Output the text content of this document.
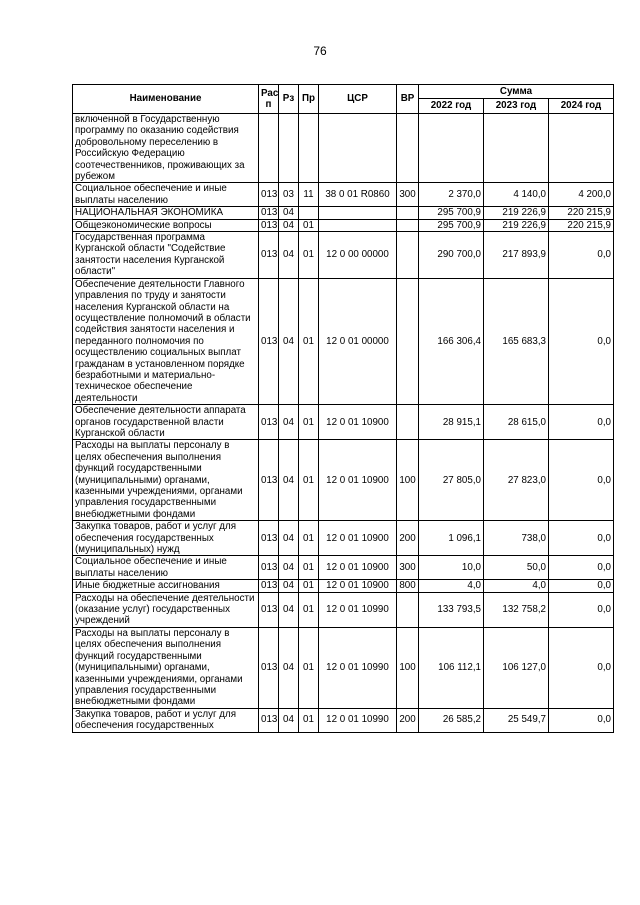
76
Наименование	Рас п	Рз	Пр	ЦСР	ВР	Сумма		
						2022 год	2023 год	2024 год
включенной в Государственную программу по оказанию содействия добровольному переселению в Российскую Федерацию соотечественников, проживающих за рубежом								
Социальное обеспечение и иные выплаты населению	013	03	11	38 0 01 R0860	300	2 370,0	4 140,0	4 200,0
НАЦИОНАЛЬНАЯ ЭКОНОМИКА	013	04				295 700,9	219 226,9	220 215,9
Общеэкономические вопросы	013	04	01			295 700,9	219 226,9	220 215,9
Государственная программа Курганской области "Содействие занятости населения Курганской области"	013	04	01	12 0 00 00000		290 700,0	217 893,9	0,0
Обеспечение деятельности Главного управления по труду и занятости населения Курганской области на осуществление полномочий в области содействия занятости населения и переданного полномочия по осуществлению социальных выплат гражданам в установленном порядке безработными и материально-техническое обеспечение деятельности	013	04	01	12 0 01 00000		166 306,4	165 683,3	0,0
Обеспечение деятельности аппарата органов государственной власти Курганской области	013	04	01	12 0 01 10900		28 915,1	28 615,0	0,0
Расходы на выплаты персоналу в целях обеспечения выполнения функций государственными (муниципальными) органами, казенными учреждениями, органами управления государственными внебюджетными фондами	013	04	01	12 0 01 10900	100	27 805,0	27 823,0	0,0
Закупка товаров, работ и услуг для обеспечения государственных (муниципальных) нужд	013	04	01	12 0 01 10900	200	1 096,1	738,0	0,0
Социальное обеспечение и иные выплаты населению	013	04	01	12 0 01 10900	300	10,0	50,0	0,0
Иные бюджетные ассигнования	013	04	01	12 0 01 10900	800	4,0	4,0	0,0
Расходы на обеспечение деятельности (оказание услуг) государственных учреждений	013	04	01	12 0 01 10990		133 793,5	132 758,2	0,0
Расходы на выплаты персоналу в целях обеспечения выполнения функций государственными (муниципальными) органами, казенными учреждениями, органами управления государственными внебюджетными фондами	013	04	01	12 0 01 10990	100	106 112,1	106 127,0	0,0
Закупка товаров, работ и услуг для обеспечения государственных	013	04	01	12 0 01 10990	200	26 585,2	25 549,7	0,0
